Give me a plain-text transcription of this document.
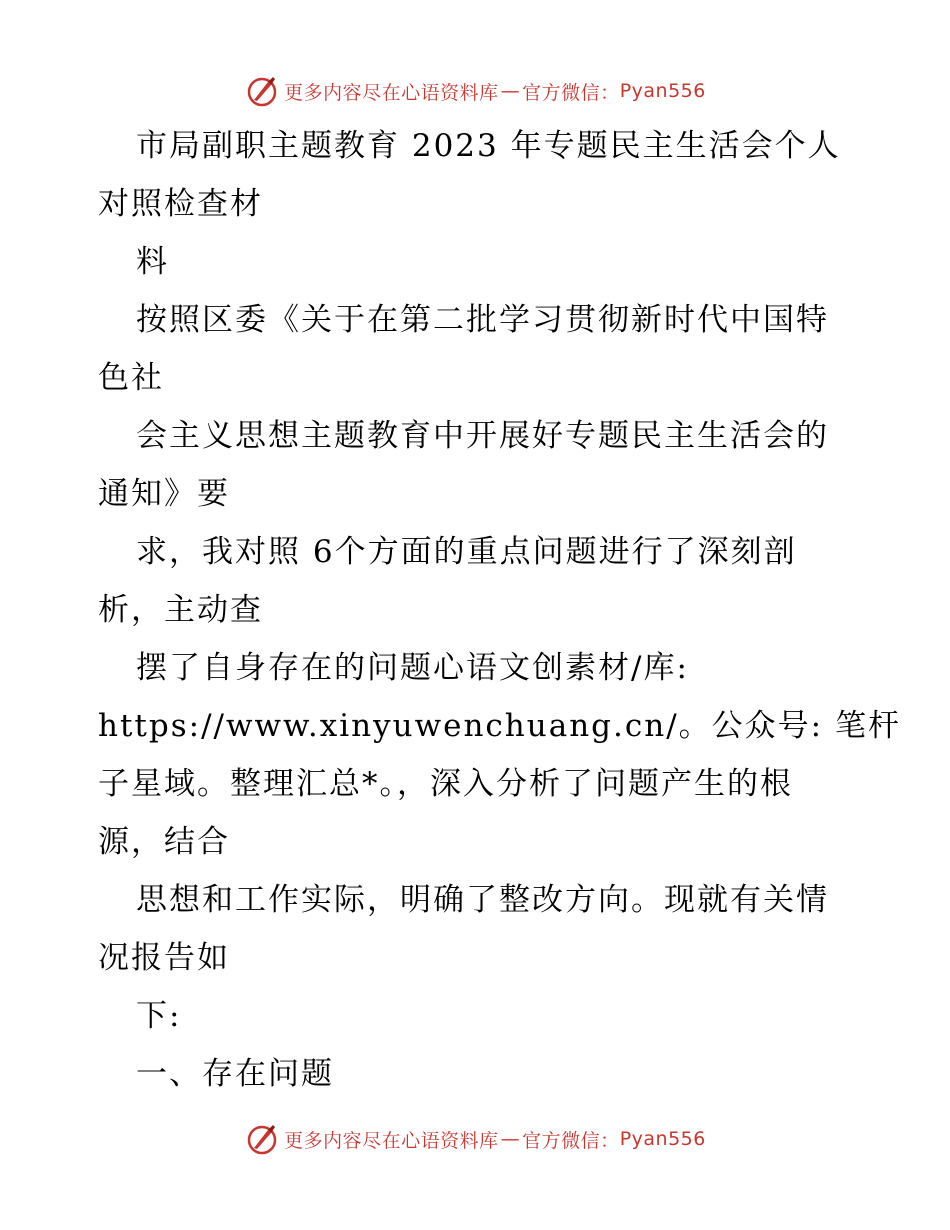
更多内容尽在心语资料库 — 官方微信： Pyan556
市局副职主题教育 2023 年专题民主生活会个人
对照检查材
料
按照区委《关于在第二批学习贯彻新时代中国特
色社
会主义思想主题教育中开展好专题民主生活会的
通知》要
求，我对照 6个方面的重点问题进行了深刻剖
析，主动查
摆了自身存在的问题心语文创素材/库:
https://www.xinyuwenchuang.cn/。公众号: 笔杆
子星域。整理汇总*。，深入分析了问题产生的根
源，结合
思想和工作实际，明确了整改方向。现就有关情
况报告如
下:
一、存在问题
更多内容尽在心语资料库 — 官方微信： Pyan556
